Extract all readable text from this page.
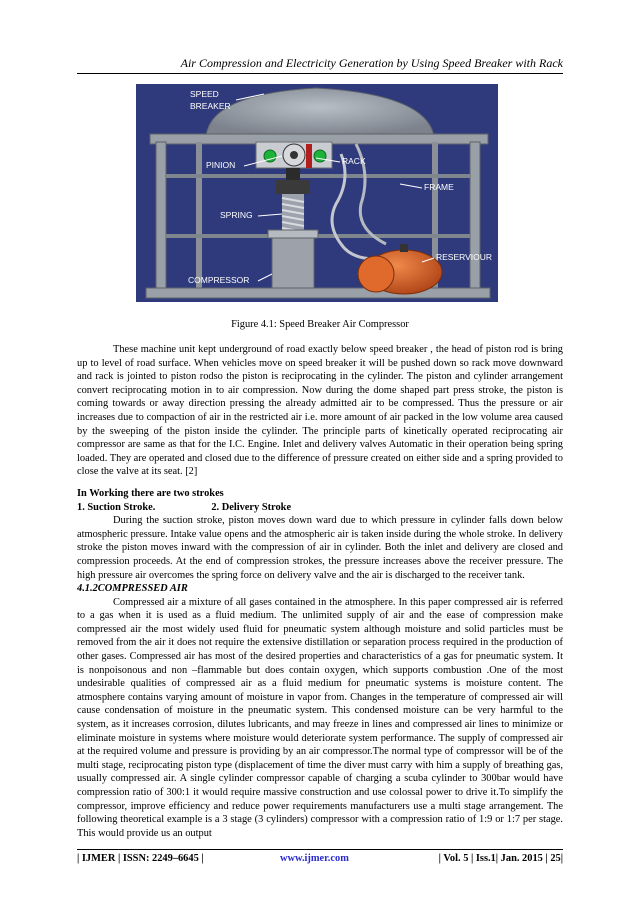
Air Compression and Electricity Generation by Using Speed Breaker with Rack
SPEED
BREAKER
PINION	RACK
FRAME
SPRING
RESERVIOUR
COMPRESSOR
Figure 4.1: Speed Breaker Air Compressor

These machine unit kept underground of road exactly below speed breaker , the head of piston rod is bring up to level of road surface. When vehicles move on speed breaker it will be pushed down so rack move downward and rack is jointed to piston rodso the piston is reciprocating in the cylinder. The piston and cylinder arrangement convert reciprocating motion in to air compression. Now during the dome shaped part press stroke, the piston is coming towards or away direction pressing the already admitted air to be compressed. Thus the pressure or air increases due to compaction of air in the restricted air i.e. more amount of air packed in the low volume area caused by the sweeping of the piston inside the cylinder. The principle parts of kinetically operated reciprocating air compressor are same as that for the I.C. Engine. Inlet and delivery valves Automatic in their operation being spring loaded. They are operated and closed due to the difference of pressure created on either side and a spring provided to close the valve at its seat. [2]

In Working there are two strokes

1. Suction Stroke.	2. Delivery Stroke

During the suction stroke, piston moves down ward due to which pressure in cylinder falls down below atmospheric pressure. Intake value opens and the atmospheric air is taken inside during the whole stroke. In delivery stroke the piston moves inward with the compression of air in cylinder. Both the inlet and delivery are closed and compression proceeds. At the end of compression strokes, the pressure increases above the receiver pressure. The high pressure air overcomes the spring force on delivery valve and the air is discharged to the receiver tank.

4.1.2COMPRESSED AIR

Compressed air a mixture of all gases contained in the atmosphere. In this paper compressed air is referred to a gas when it is used as a fluid medium. The unlimited supply of air and the ease of compression make compressed air the most widely used fluid for pneumatic system although moisture and solid particles must be removed from the air it does not require the extensive distillation or separation process required in the production of other gases. Compressed air has most of the desired properties and characteristics of a gas for pneumatic system. It is nonpoisonous and non –flammable but does contain oxygen, which supports combustion .One of the most undesirable qualities of compressed air as a fluid medium for pneumatic systems is moisture content. The atmosphere contains varying amount of moisture in vapor from. Changes in the temperature of compressed air will cause condensation of moisture in the pneumatic system. This condensed moisture can be very harmful to the system, as it increases corrosion, dilutes lubricants, and may freeze in lines and compressed air lines to minimize or eliminate moisture in systems where moisture would deteriorate system performance. The supply of compressed air at the required volume and pressure is providing by an air compressor.The normal type of compressor will be of the multi stage, reciprocating piston type (displacement of time the diver must carry with him a supply of breathing gas, usually compressed air. A single cylinder compressor capable of charging a scuba cylinder to 300bar would have compression ratio of 300:1 it would require massive construction and use colossal power to drive it.To simplify the compressor, improve efficiency and reduce power requirements manufacturers use a multi stage arrangement. The following theoretical example is a 3 stage (3 cylinders) compressor with a compression ratio of 1:9 or 1:7 per stage. This would provide us an output

| IJMER | ISSN: 2249–6645 |	www.ijmer.com	| Vol. 5 | Iss.1| Jan. 2015 | 25|
